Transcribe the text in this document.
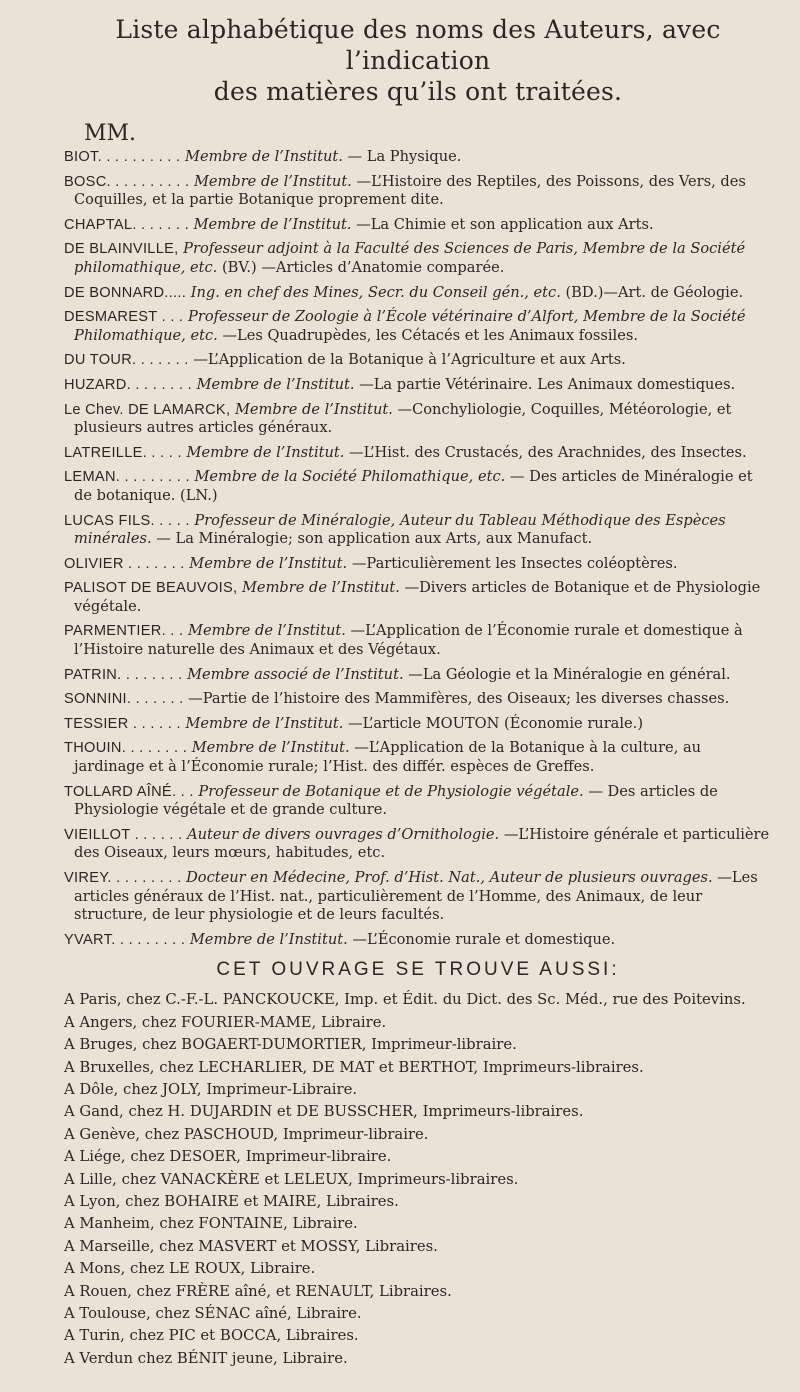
Liste alphabétique des noms des Auteurs, avec l’indication
des matières qu’ils ont traitées.
MM.

BIOT. . . . . . . . . . Membre de l’Institut. — La Physique.

BOSC. . . . . . . . . . Membre de l’Institut. —L’Histoire des Reptiles, des Poissons, des Vers, des Coquilles, et la partie Botanique proprement dite.

CHAPTAL. . . . . . . Membre de l’Institut. —La Chimie et son application aux Arts.

DE BLAINVILLE, Professeur adjoint à la Faculté des Sciences de Paris, Membre de la Société philomathique, etc. (BV.) —Articles d’Anatomie comparée.

DE BONNARD..... Ing. en chef des Mines, Secr. du Conseil gén., etc. (BD.)—Art. de Géologie.

DESMAREST . . . Professeur de Zoologie à l’École vétérinaire d’Alfort, Membre de la Société Philomathique, etc. —Les Quadrupèdes, les Cétacés et les Animaux fossiles.

DU TOUR. . . . . . . —L’Application de la Botanique à l’Agriculture et aux Arts.

HUZARD. . . . . . . . Membre de l’Institut. —La partie Vétérinaire. Les Animaux domestiques.

Le Chev. DE LAMARCK, Membre de l’Institut. —Conchyliologie, Coquilles, Météorologie, et plusieurs autres articles généraux.

LATREILLE. . . . . Membre de l’Institut. —L’Hist. des Crustacés, des Arachnides, des Insectes.

LEMAN. . . . . . . . . Membre de la Société Philomathique, etc. — Des articles de Minéralogie et de botanique. (LN.)

LUCAS FILS. . . . . Professeur de Minéralogie, Auteur du Tableau Méthodique des Espèces minérales. — La Minéralogie; son application aux Arts, aux Manufact.

OLIVIER . . . . . . . Membre de l’Institut. —Particulièrement les Insectes coléoptères.

PALISOT DE BEAUVOIS, Membre de l’Institut. —Divers articles de Botanique et de Physiologie végétale.

PARMENTIER. . . Membre de l’Institut. —L’Application de l’Économie rurale et domestique à l’Histoire naturelle des Animaux et des Végétaux.

PATRIN. . . . . . . . Membre associé de l’Institut. —La Géologie et la Minéralogie en général.

SONNINI. . . . . . . —Partie de l’histoire des Mammifères, des Oiseaux; les diverses chasses.

TESSIER . . . . . . Membre de l’Institut. —L’article MOUTON (Économie rurale.)

THOUIN. . . . . . . . Membre de l’Institut. —L’Application de la Botanique à la culture, au jardinage et à l’Économie rurale; l’Hist. des différ. espèces de Greffes.

TOLLARD AÎNÉ. . . Professeur de Botanique et de Physiologie végétale. — Des articles de Physiologie végétale et de grande culture.

VIEILLOT . . . . . . Auteur de divers ouvrages d’Ornithologie. —L’Histoire générale et particulière des Oiseaux, leurs mœurs, habitudes, etc.

VIREY. . . . . . . . . Docteur en Médecine, Prof. d’Hist. Nat., Auteur de plusieurs ouvrages. —Les articles généraux de l’Hist. nat., particulièrement de l’Homme, des Animaux, de leur structure, de leur physiologie et de leurs facultés.

YVART. . . . . . . . . Membre de l’Institut. —L’Économie rurale et domestique.

CET OUVRAGE SE TROUVE AUSSI:
A Paris, chez C.-F.-L. PANCKOUCKE, Imp. et Édit. du Dict. des Sc. Méd., rue des Poitevins.
A Angers, chez FOURIER-MAME, Libraire.
A Bruges, chez BOGAERT-DUMORTIER, Imprimeur-libraire.
A Bruxelles, chez LECHARLIER, DE MAT et BERTHOT, Imprimeurs-libraires.
A Dôle, chez JOLY, Imprimeur-Libraire.
A Gand, chez H. DUJARDIN et DE BUSSCHER, Imprimeurs-libraires.
A Genève, chez PASCHOUD, Imprimeur-libraire.
A Liége, chez DESOER, Imprimeur-libraire.
A Lille, chez VANACKÈRE et LELEUX, Imprimeurs-libraires.
A Lyon, chez BOHAIRE et MAIRE, Libraires.
A Manheim, chez FONTAINE, Libraire.
A Marseille, chez MASVERT et MOSSY, Libraires.
A Mons, chez LE ROUX, Libraire.
A Rouen, chez FRÈRE aîné, et RENAULT, Libraires.
A Toulouse, chez SÉNAC aîné, Libraire.
A Turin, chez PIC et BOCCA, Libraires.
A Verdun chez BÉNIT jeune, Libraire.
